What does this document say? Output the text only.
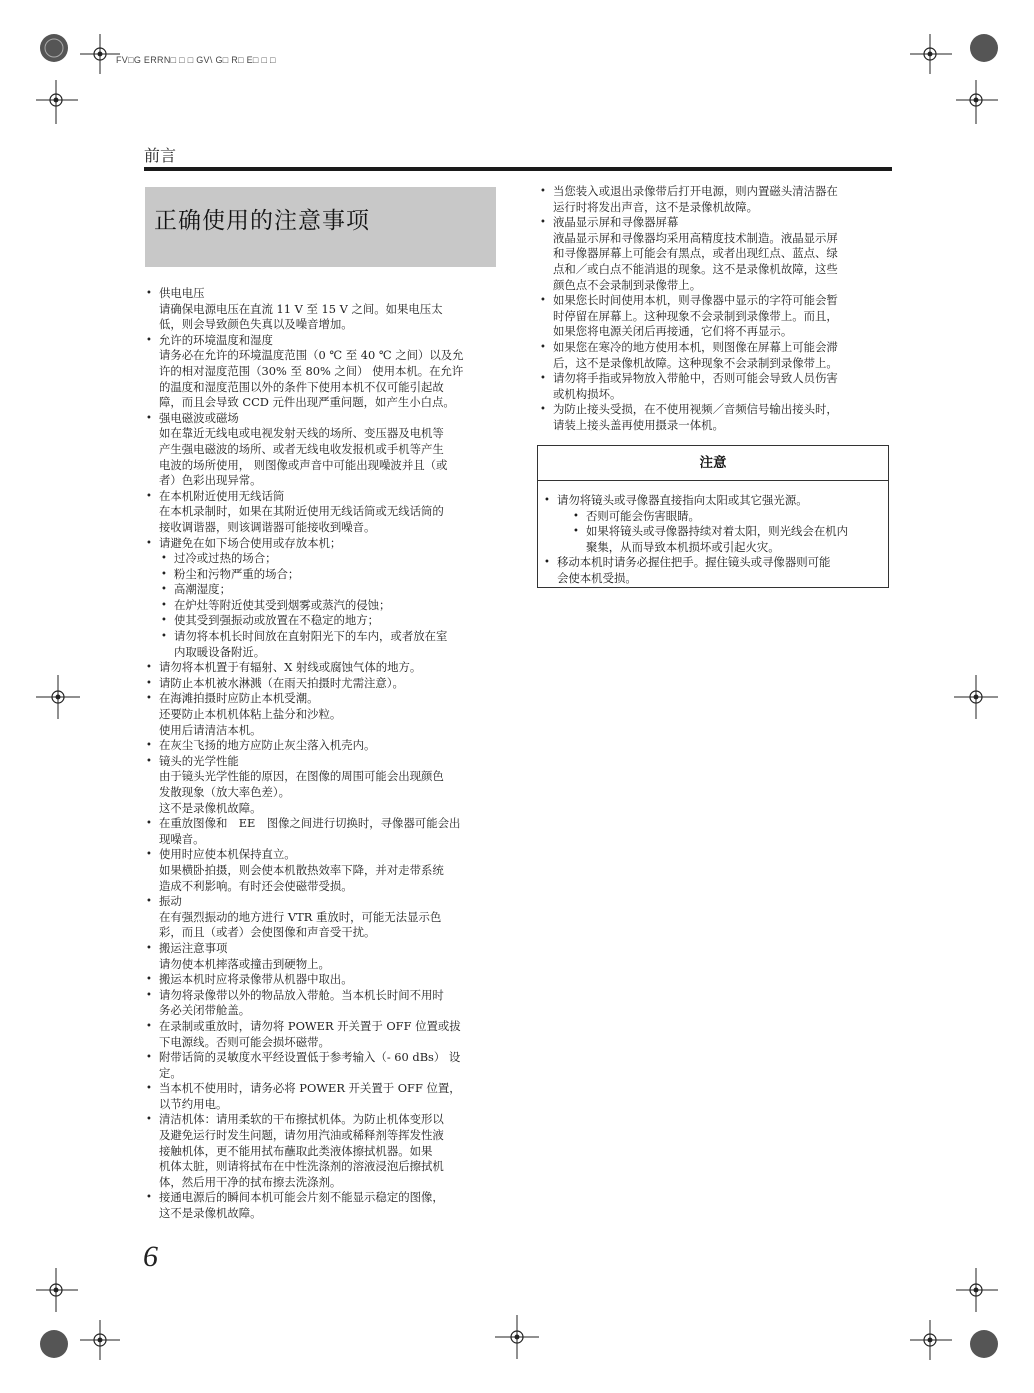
FV□G ERRN□ □ □ GV\ G□ R□ E□ □ □
前言
正确使用的注意事项
• 供电电压
请确保电源电压在直流 11 V 至 15 V 之间。如果电压太
低，则会导致颜色失真以及噪音增加。
• 允许的环境温度和湿度
请务必在允许的环境温度范围（0 ℃ 至 40 ℃ 之间）以及允
许的相对湿度范围（30% 至 80% 之间） 使用本机。在允许
的温度和湿度范围以外的条件下使用本机不仅可能引起故
障，而且会导致 CCD 元件出现严重问题，如产生小白点。
• 强电磁波或磁场
如在靠近无线电或电视发射天线的场所、变压器及电机等
产生强电磁波的场所、或者无线电收发报机或手机等产生
电波的场所使用， 则图像或声音中可能出现噪波并且（或
者）色彩出现异常。
• 在本机附近使用无线话筒
在本机录制时，如果在其附近使用无线话筒或无线话筒的
接收调谐器，则该调谐器可能接收到噪音。
• 请避免在如下场合使用或存放本机；
• 过冷或过热的场合；
• 粉尘和污物严重的场合；
• 高潮湿度；
• 在炉灶等附近使其受到烟雾或蒸汽的侵蚀；
• 使其受到强振动或放置在不稳定的地方；
• 请勿将本机长时间放在直射阳光下的车内，或者放在室
内取暖设备附近。
• 请勿将本机置于有辐射、X 射线或腐蚀气体的地方。
• 请防止本机被水淋溅（在雨天拍摄时尤需注意）。
• 在海滩拍摄时应防止本机受潮。
还要防止本机机体粘上盐分和沙粒。
使用后请清洁本机。
• 在灰尘飞扬的地方应防止灰尘落入机壳内。
• 镜头的光学性能
由于镜头光学性能的原因，在图像的周围可能会出现颜色
发散现象（放大率色差）。
这不是录像机故障。
• 在重放图像和　EE　图像之间进行切换时，寻像器可能会出
现噪音。
• 使用时应使本机保持直立。
如果横卧拍摄，则会使本机散热效率下降，并对走带系统
造成不利影响。有时还会使磁带受损。
• 振动
在有强烈振动的地方进行 VTR 重放时，可能无法显示色
彩，而且（或者）会使图像和声音受干扰。
• 搬运注意事项
请勿使本机摔落或撞击到硬物上。
• 搬运本机时应将录像带从机器中取出。
• 请勿将录像带以外的物品放入带舱。当本机长时间不用时
务必关闭带舱盖。
• 在录制或重放时，请勿将 POWER 开关置于 OFF 位置或拔
下电源线。否则可能会损坏磁带。
• 附带话筒的灵敏度水平经设置低于参考输入（- 60 dBs） 设
定。
• 当本机不使用时，请务必将 POWER 开关置于 OFF 位置，
以节约用电。
• 清洁机体：请用柔软的干布擦拭机体。为防止机体变形以
及避免运行时发生问题，请勿用汽油或稀释剂等挥发性液
接触机体，更不能用拭布蘸取此类液体擦拭机器。如果
机体太脏，则请将拭布在中性洗涤剂的溶液浸泡后擦拭机
体，然后用干净的拭布擦去洗涤剂。
• 接通电源后的瞬间本机可能会片刻不能显示稳定的图像，
这不是录像机故障。
• 当您装入或退出录像带后打开电源，则内置磁头清洁器在
运行时将发出声音，这不是录像机故障。
• 液晶显示屏和寻像器屏幕
液晶显示屏和寻像器均采用高精度技术制造。液晶显示屏
和寻像器屏幕上可能会有黑点，或者出现红点、蓝点、绿
点和／或白点不能消退的现象。这不是录像机故障，这些
颜色点不会录制到录像带上。
• 如果您长时间使用本机，则寻像器中显示的字符可能会暂
时停留在屏幕上。这种现象不会录制到录像带上。而且，
如果您将电源关闭后再接通，它们将不再显示。
• 如果您在寒冷的地方使用本机，则图像在屏幕上可能会滞
后，这不是录像机故障。这种现象不会录制到录像带上。
• 请勿将手指或异物放入带舱中，否则可能会导致人员伤害
或机构损坏。
• 为防止接头受损，在不使用视频／音频信号输出接头时，
请装上接头盖再使用摄录一体机。
注意
• 请勿将镜头或寻像器直接指向太阳或其它强光源。
• 否则可能会伤害眼睛。
• 如果将镜头或寻像器持续对着太阳，则光线会在机内
聚集，从而导致本机损坏或引起火灾。
• 移动本机时请务必握住把手。握住镜头或寻像器则可能
会使本机受损。
6
